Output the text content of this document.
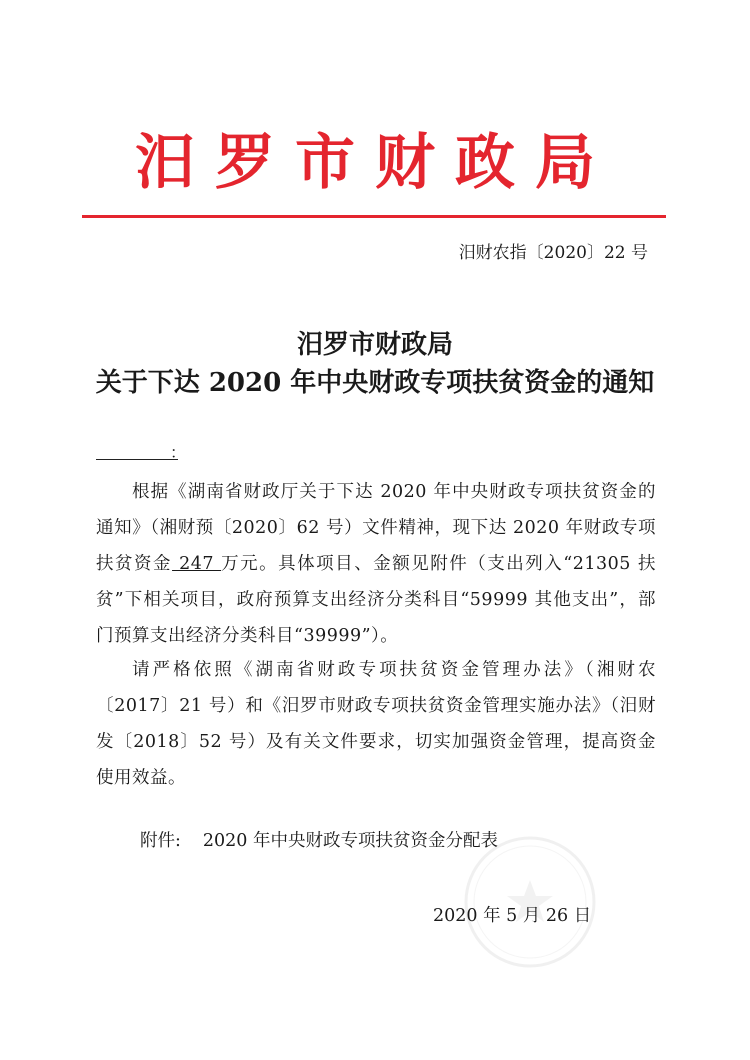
汨罗市财政局
汨财农指〔2020〕22 号
汨罗市财政局
关于下达 2020 年中央财政专项扶贫资金的通知
：

根据《湖南省财政厅关于下达 2020 年中央财政专项扶贫资金的通知》（湘财预〔2020〕62 号）文件精神，现下达 2020 年财政专项扶贫资金 247 万元。具体项目、金额见附件（支出列入“21305 扶贫”下相关项目，政府预算支出经济分类科目“59999 其他支出”，部门预算支出经济分类科目“39999”）。

请严格依照《湖南省财政专项扶贫资金管理办法》（湘财农〔2017〕21 号）和《汨罗市财政专项扶贫资金管理实施办法》（汨财发〔2018〕52 号）及有关文件要求，切实加强资金管理，提高资金使用效益。

附件: 2020 年中央财政专项扶贫资金分配表
2020 年 5 月 26 日
